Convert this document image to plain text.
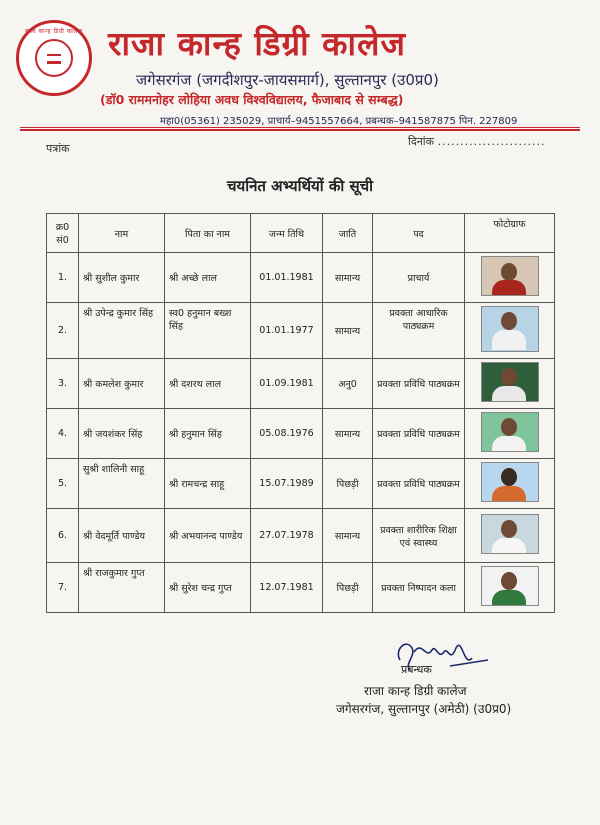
राजा कान्ह डिग्री कालेज राजा कान्ह डिग्री कालेज
जगेसरगंज (जगदीशपुर-जायसमार्ग), सुल्तानपुर (उ0प्र0)
(डॉ0 राममनोहर लोहिया अवध विश्वविद्यालय, फैजाबाद से सम्बद्ध)
महा0(05361) 235029, प्राचार्य–9451557664, प्रबन्धक–941587875 पिन. 227809
पत्रांक
दिनांक ........................
चयनित अभ्यर्थियों की सूची
क्र0 सं0	नाम	पिता का नाम	जन्म तिथि	जाति	पद	फोटोग्राफ
1.	श्री सुशील कुमार	श्री अच्छे लाल	01.01.1981	सामान्य	प्राचार्य	

2.	श्री उपेन्द्र कुमार सिंह	स्व0 हनुमान बख्श सिंह	01.01.1977	सामान्य	प्रवक्ता आधारिक पाठ्यक्रम	

3.	श्री कमलेश कुमार	श्री दशरथ लाल	01.09.1981	अनु0	प्रवक्ता प्रविधि पाठ्यक्रम	

4.	श्री जयशंकर सिंह	श्री हनुमान सिंह	05.08.1976	सामान्य	प्रवक्ता प्रविधि पाठ्यक्रम	

5.	सुश्री शालिनी साहू	श्री रामचन्द्र साहू	15.07.1989	पिछड़ी	प्रवक्ता प्रविधि पाठ्यक्रम	

6.	श्री वेदमूर्ति पाण्डेय	श्री अभयानन्द पाण्डेय	27.07.1978	सामान्य	प्रवक्ता शारीरिक शिक्षा एवं स्वास्थ्य	

7.	श्री राजकुमार गुप्त	श्री सुरेश चन्द्र गुप्त	12.07.1981	पिछड़ी	प्रवक्ता निष्पादन कला	
प्रबन्धक
राजा कान्ह डिग्री कालेज
जगेसरगंज, सुल्तानपुर (अमेठी) (उ0प्र0)
